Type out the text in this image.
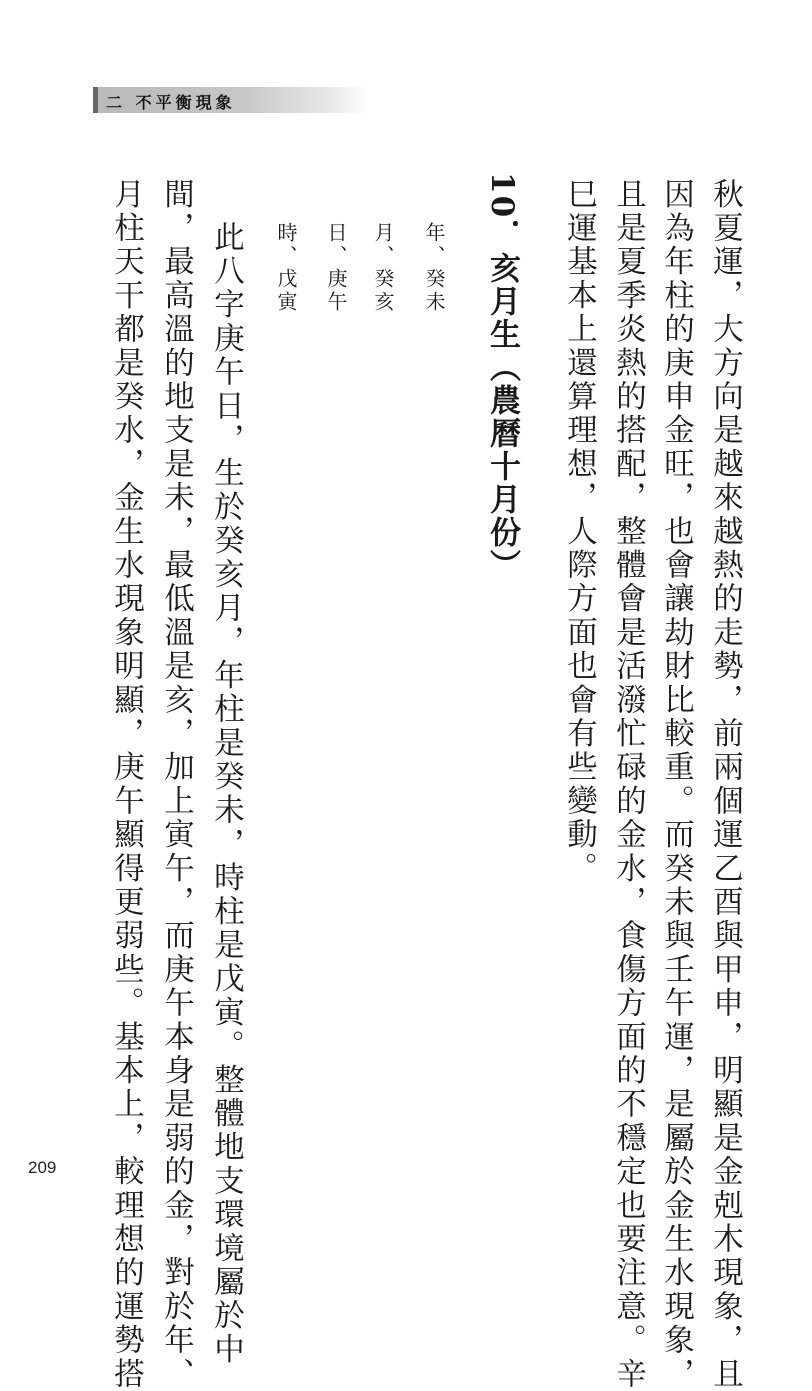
二 不平衡現象
秋夏運，大方向是越來越熱的走勢，前兩個運乙酉與甲申，明顯是金剋木現象，且
因為年柱的庚申金旺，也會讓劫財比較重。而癸未與壬午運，是屬於金生水現象，
且是夏季炎熱的搭配，整體會是活潑忙碌的金水，食傷方面的不穩定也要注意。辛
巳運基本上還算理想，人際方面也會有些變動。
10．亥月生（農曆十月份）
年、癸未
月、癸亥
日、庚午
時、戊寅
此八字庚午日，生於癸亥月，年柱是癸未，時柱是戊寅。整體地支環境屬於中
間，最高溫的地支是未，最低溫是亥，加上寅午，而庚午本身是弱的金，對於年、
月柱天干都是癸水，金生水現象明顯，庚午顯得更弱些。基本上，較理想的運勢搭
209
